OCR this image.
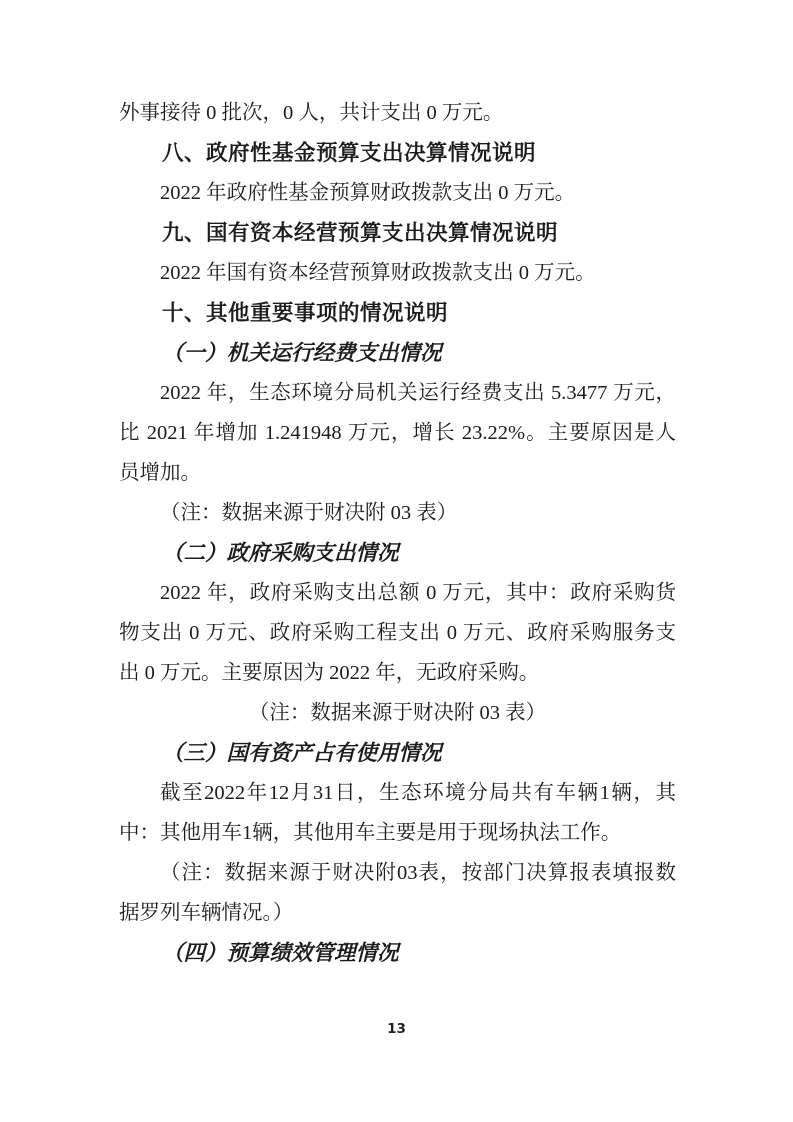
外事接待 0 批次，0 人，共计支出 0 万元。
八、政府性基金预算支出决算情况说明
2022 年政府性基金预算财政拨款支出 0 万元。
九、国有资本经营预算支出决算情况说明
2022 年国有资本经营预算财政拨款支出 0 万元。
十、其他重要事项的情况说明
（一）机关运行经费支出情况
2022 年，生态环境分局机关运行经费支出 5.3477 万元，
比 2021 年增加 1.241948 万元，增长 23.22%。主要原因是人
员增加。
（注：数据来源于财决附 03 表）
（二）政府采购支出情况
2022 年，政府采购支出总额 0 万元，其中：政府采购货
物支出 0 万元、政府采购工程支出 0 万元、政府采购服务支
出 0 万元。主要原因为 2022 年，无政府采购。
（注：数据来源于财决附 03 表）
（三）国有资产占有使用情况
截至2022年12月31日，生态环境分局共有车辆1辆，其
中：其他用车1辆，其他用车主要是用于现场执法工作。
（注：数据来源于财决附03表，按部门决算报表填报数
据罗列车辆情况。）
（四）预算绩效管理情况
13
